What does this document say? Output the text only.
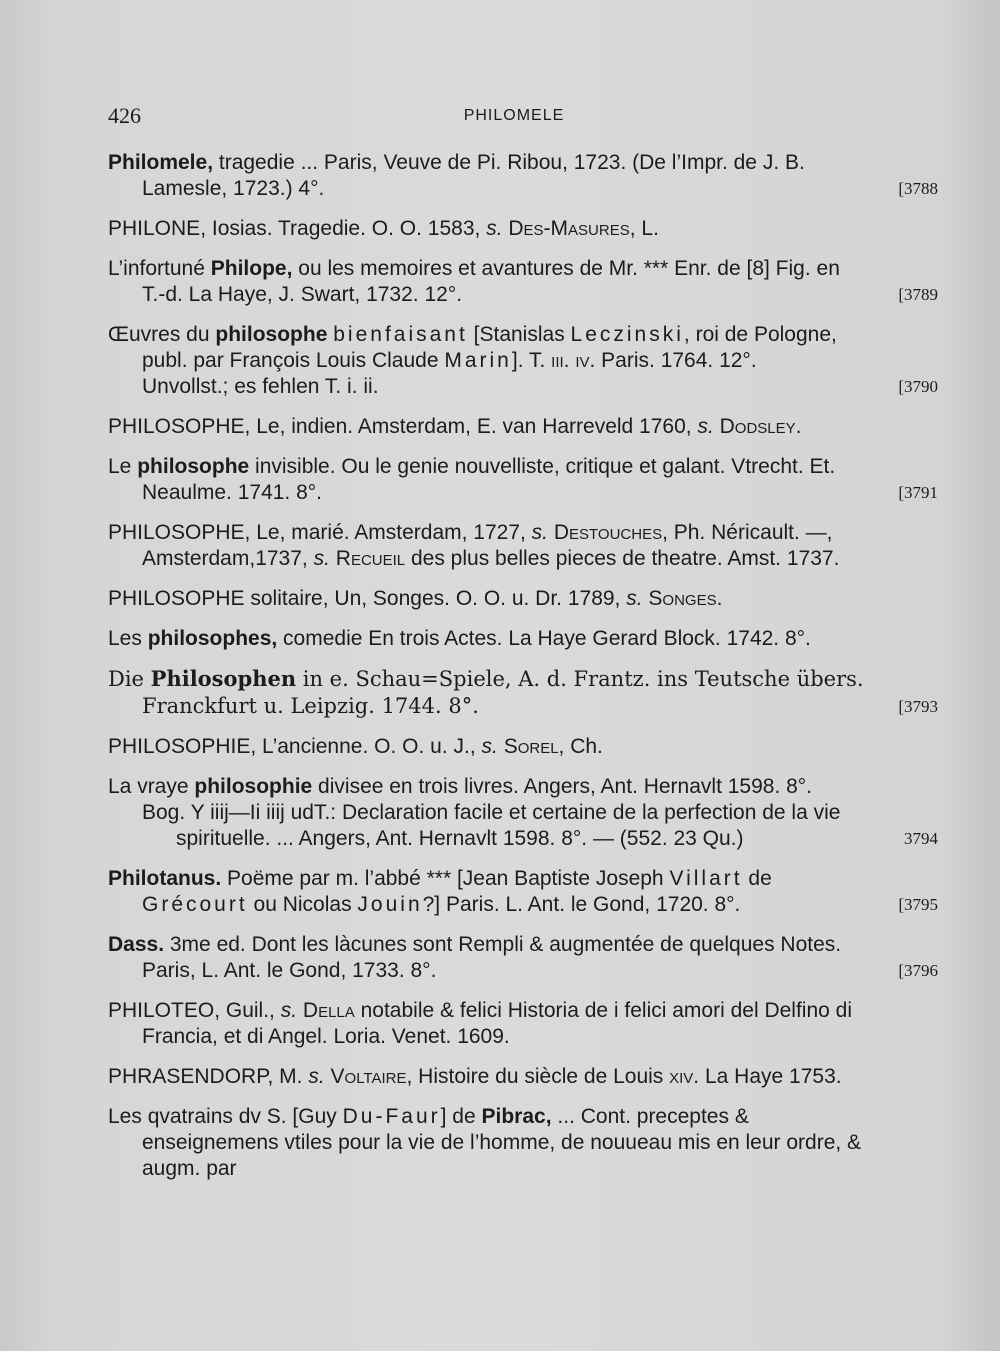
426	PHILOMELE
Philomele, tragedie ... Paris, Veuve de Pi. Ribou, 1723. (De l’Impr. de J. B. Lamesle, 1723.) 4°.	[3788
PHILONE, Iosias. Tragedie. O. O. 1583, s. Des-Masures, L.
L’infortuné Philope, ou les memoires et avantures de Mr. *** Enr. de [8] Fig. en T.-d. La Haye, J. Swart, 1732. 12°.	[3789
Œuvres du philosophe bienfaisant [Stanislas Leczinski, roi de Pologne, publ. par François Louis Claude Marin]. T. iii. iv. Paris. 1764. 12°.
Unvollst.; es fehlen T. i. ii.	[3790
PHILOSOPHE, Le, indien. Amsterdam, E. van Harreveld 1760, s. Dodsley.
Le philosophe invisible. Ou le genie nouvelliste, critique et galant. Vtrecht. Et. Neaulme. 1741. 8°.	[3791
PHILOSOPHE, Le, marié. Amsterdam, 1727, s. Destouches, Ph. Néricault. —, Amsterdam,1737, s. Recueil des plus belles pieces de theatre. Amst. 1737.
PHILOSOPHE solitaire, Un, Songes. O. O. u. Dr. 1789, s. Songes.
Les philosophes, comedie En trois Actes. La Haye Gerard Block. 1742. 8°.
Die Philosophen in e. Schau=Spiele, A. d. Frantz. ins Teutsche übers. Franckfurt u. Leipzig. 1744. 8°.	[3793
PHILOSOPHIE, L’ancienne. O. O. u. J., s. Sorel, Ch.
La vraye philosophie divisee en trois livres. Angers, Ant. Hernavlt 1598. 8°.
Bog. Y iiij—Ii iiij udT.: Declaration facile et certaine de la perfection de la vie spirituelle. ... Angers, Ant. Hernavlt 1598. 8°. — (552. 23 Qu.)	3794
Philotanus. Poëme par m. l’abbé *** [Jean Baptiste Joseph Villart de Grécourt ou Nicolas Jouin?] Paris. L. Ant. le Gond, 1720. 8°.	[3795
Dass. 3me ed. Dont les làcunes sont Rempli & augmentée de quelques Notes. Paris, L. Ant. le Gond, 1733. 8°.	[3796
PHILOTEO, Guil., s. Della notabile & felici Historia de i felici amori del Delfino di Francia, et di Angel. Loria. Venet. 1609.
PHRASENDORP, M. s. Voltaire, Histoire du siècle de Louis xiv. La Haye 1753.
Les qvatrains dv S. [Guy Du-Faur] de Pibrac, ... Cont. preceptes & enseignemens vtiles pour la vie de l’homme, de nouueau mis en leur ordre, & augm. par
